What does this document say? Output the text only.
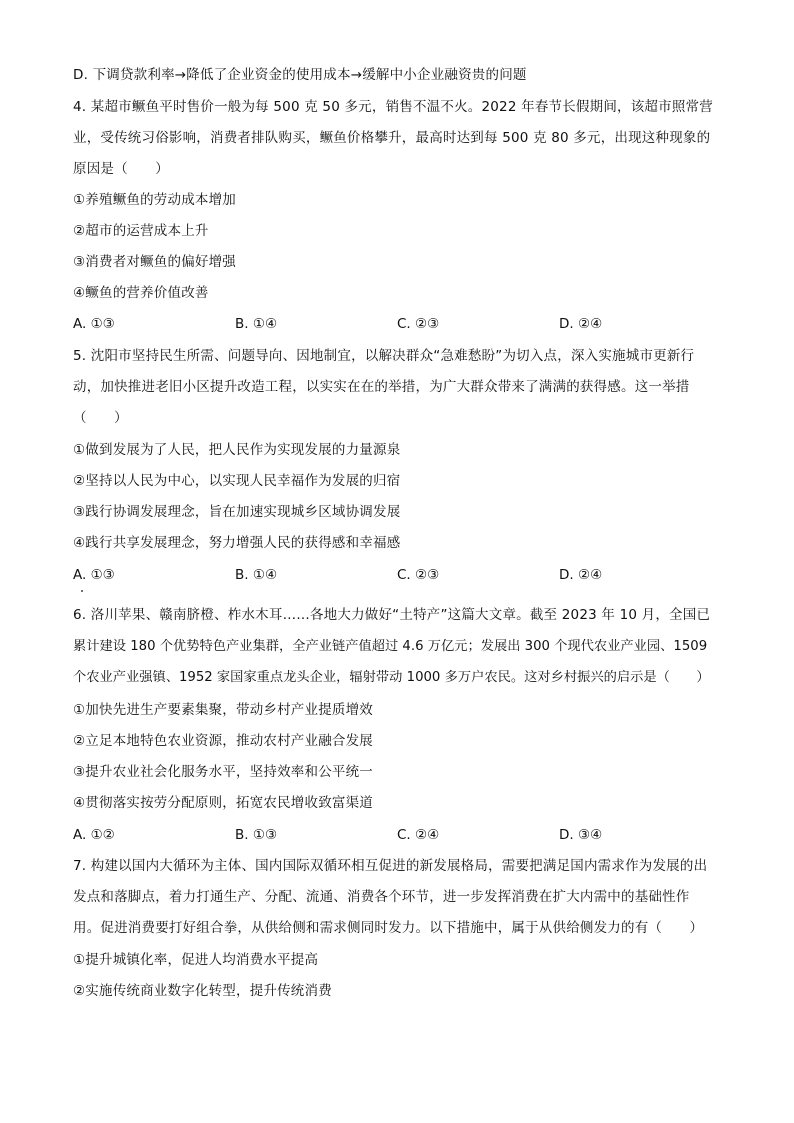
D. 下调贷款利率→降低了企业资金的使用成本→缓解中小企业融资贵的问题
4. 某超市鳜鱼平时售价一般为每 500 克 50 多元，销售不温不火。2022 年春节长假期间，该超市照常营
业，受传统习俗影响，消费者排队购买，鳜鱼价格攀升，最高时达到每 500 克 80 多元，出现这种现象的
原因是（　　）
①养殖鳜鱼的劳动成本增加
②超市的运营成本上升
③消费者对鳜鱼的偏好增强
④鳜鱼的营养价值改善
A. ①③	B. ①④	C. ②③	D. ②④
5. 沈阳市坚持民生所需、问题导向、因地制宜，以解决群众“急难愁盼”为切入点，深入实施城市更新行
动，加快推进老旧小区提升改造工程，以实实在在的举措，为广大群众带来了满满的获得感。这一举措
（　　）
①做到发展为了人民，把人民作为实现发展的力量源泉
②坚持以人民为中心，以实现人民幸福作为发展的归宿
③践行协调发展理念，旨在加速实现城乡区域协调发展
④践行共享发展理念，努力增强人民的获得感和幸福感
A. ①③	B. ①④	C. ②③	D. ②④
6. 洛川苹果、赣南脐橙、柞水木耳……各地大力做好“土特产”这篇大文章。截至 2023 年 10 月，全国已
累计建设 180 个优势特色产业集群，全产业链产值超过 4.6 万亿元；发展出 300 个现代农业产业园、1509
个农业产业强镇、1952 家国家重点龙头企业，辐射带动 1000 多万户农民。这对乡村振兴的启示是（　　）
①加快先进生产要素集聚，带动乡村产业提质增效
②立足本地特色农业资源，推动农村产业融合发展
③提升农业社会化服务水平，坚持效率和公平统一
④贯彻落实按劳分配原则，拓宽农民增收致富渠道
A. ①②	B. ①③	C. ②④	D. ③④
7. 构建以国内大循环为主体、国内国际双循环相互促进的新发展格局，需要把满足国内需求作为发展的出
发点和落脚点，着力打通生产、分配、流通、消费各个环节，进一步发挥消费在扩大内需中的基础性作
用。促进消费要打好组合拳，从供给侧和需求侧同时发力。以下措施中，属于从供给侧发力的有（　　）
①提升城镇化率，促进人均消费水平提高
②实施传统商业数字化转型，提升传统消费
